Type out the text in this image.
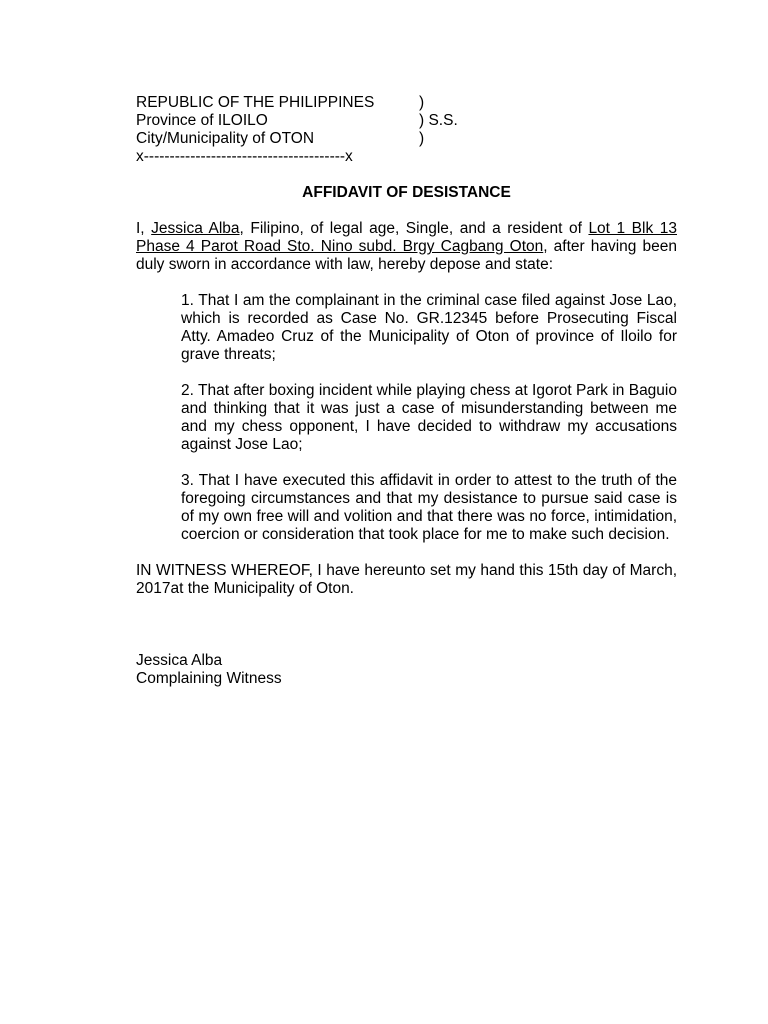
REPUBLIC OF THE PHILIPPINES	)
Province of ILOILO	) S.S.
City/Municipality of OTON	)
x---------------------------------------x
AFFIDAVIT OF DESISTANCE
I, Jessica Alba, Filipino, of legal age, Single, and a resident of Lot 1 Blk 13 Phase 4 Parot Road Sto. Nino subd. Brgy Cagbang Oton, after having been duly sworn in accordance with law, hereby depose and state:
1. That I am the complainant in the criminal case filed against Jose Lao, which is recorded as Case No. GR.12345 before Prosecuting Fiscal Atty. Amadeo Cruz of the Municipality of Oton of province of Iloilo for grave threats;
2. That after boxing incident while playing chess at Igorot Park in Baguio and thinking that it was just a case of misunderstanding between me and my chess opponent, I have decided to withdraw my accusations against Jose Lao;
3. That I have executed this affidavit in order to attest to the truth of the foregoing circumstances and that my desistance to pursue said case is of my own free will and volition and that there was no force, intimidation, coercion or consideration that took place for me to make such decision.
IN WITNESS WHEREOF, I have hereunto set my hand this 15th day of March, 2017at the Municipality of Oton.
Jessica Alba
Complaining Witness
